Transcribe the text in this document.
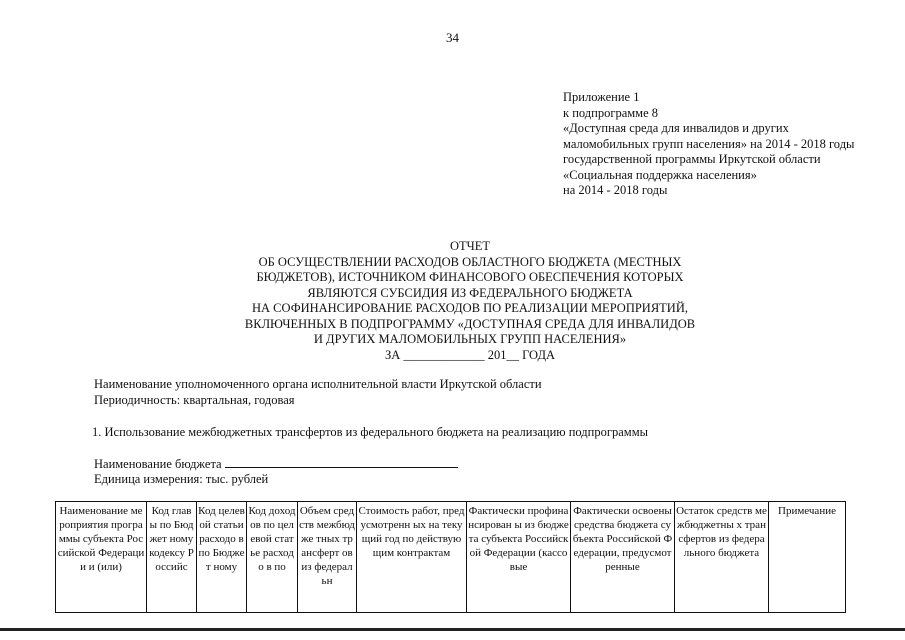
34
Приложение 1
к подпрограмме 8
«Доступная среда для инвалидов и других
маломобильных групп населения» на 2014 - 2018 годы
государственной программы Иркутской области
«Социальная поддержка населения»
на 2014 - 2018 годы
ОТЧЕТ
ОБ ОСУЩЕСТВЛЕНИИ РАСХОДОВ ОБЛАСТНОГО БЮДЖЕТА (МЕСТНЫХ
БЮДЖЕТОВ), ИСТОЧНИКОМ ФИНАНСОВОГО ОБЕСПЕЧЕНИЯ КОТОРЫХ
ЯВЛЯЮТСЯ СУБСИДИЯ ИЗ ФЕДЕРАЛЬНОГО БЮДЖЕТА
НА СОФИНАНСИРОВАНИЕ РАСХОДОВ ПО РЕАЛИЗАЦИИ МЕРОПРИЯТИЙ,
ВКЛЮЧЕННЫХ В ПОДПРОГРАММУ «ДОСТУПНАЯ СРЕДА ДЛЯ ИНВАЛИДОВ
И ДРУГИХ МАЛОМОБИЛЬНЫХ ГРУПП НАСЕЛЕНИЯ»
ЗА _____________ 201__ ГОДА
Наименование уполномоченного органа исполнительной власти Иркутской области
Периодичность: квартальная, годовая
1. Использование межбюджетных трансфертов из федерального бюджета на реализацию подпрограммы
Наименование бюджета
Единица измерения: тыс. рублей
Наименование мероприятия программы субъекта Российской Федерации и (или)	Код главы по Бюджет ному кодексу Российс	Код целевой статьи расходо в по Бюджет ному	Код доходов по целевой статье расходо в по	Объем средств межбюдже тных трансферт ов из федеральн	Стоимость работ, предусмотренн ых на текущий год по действующим контрактам	Фактически профинансирован ы из бюджета субъекта Российской Федерации (кассовые	Фактически освоены средства бюджета субъекта Российской Федерации, предусмотренные	Остаток средств межбюджетны х трансфертов из федерального бюджета	Примечание
